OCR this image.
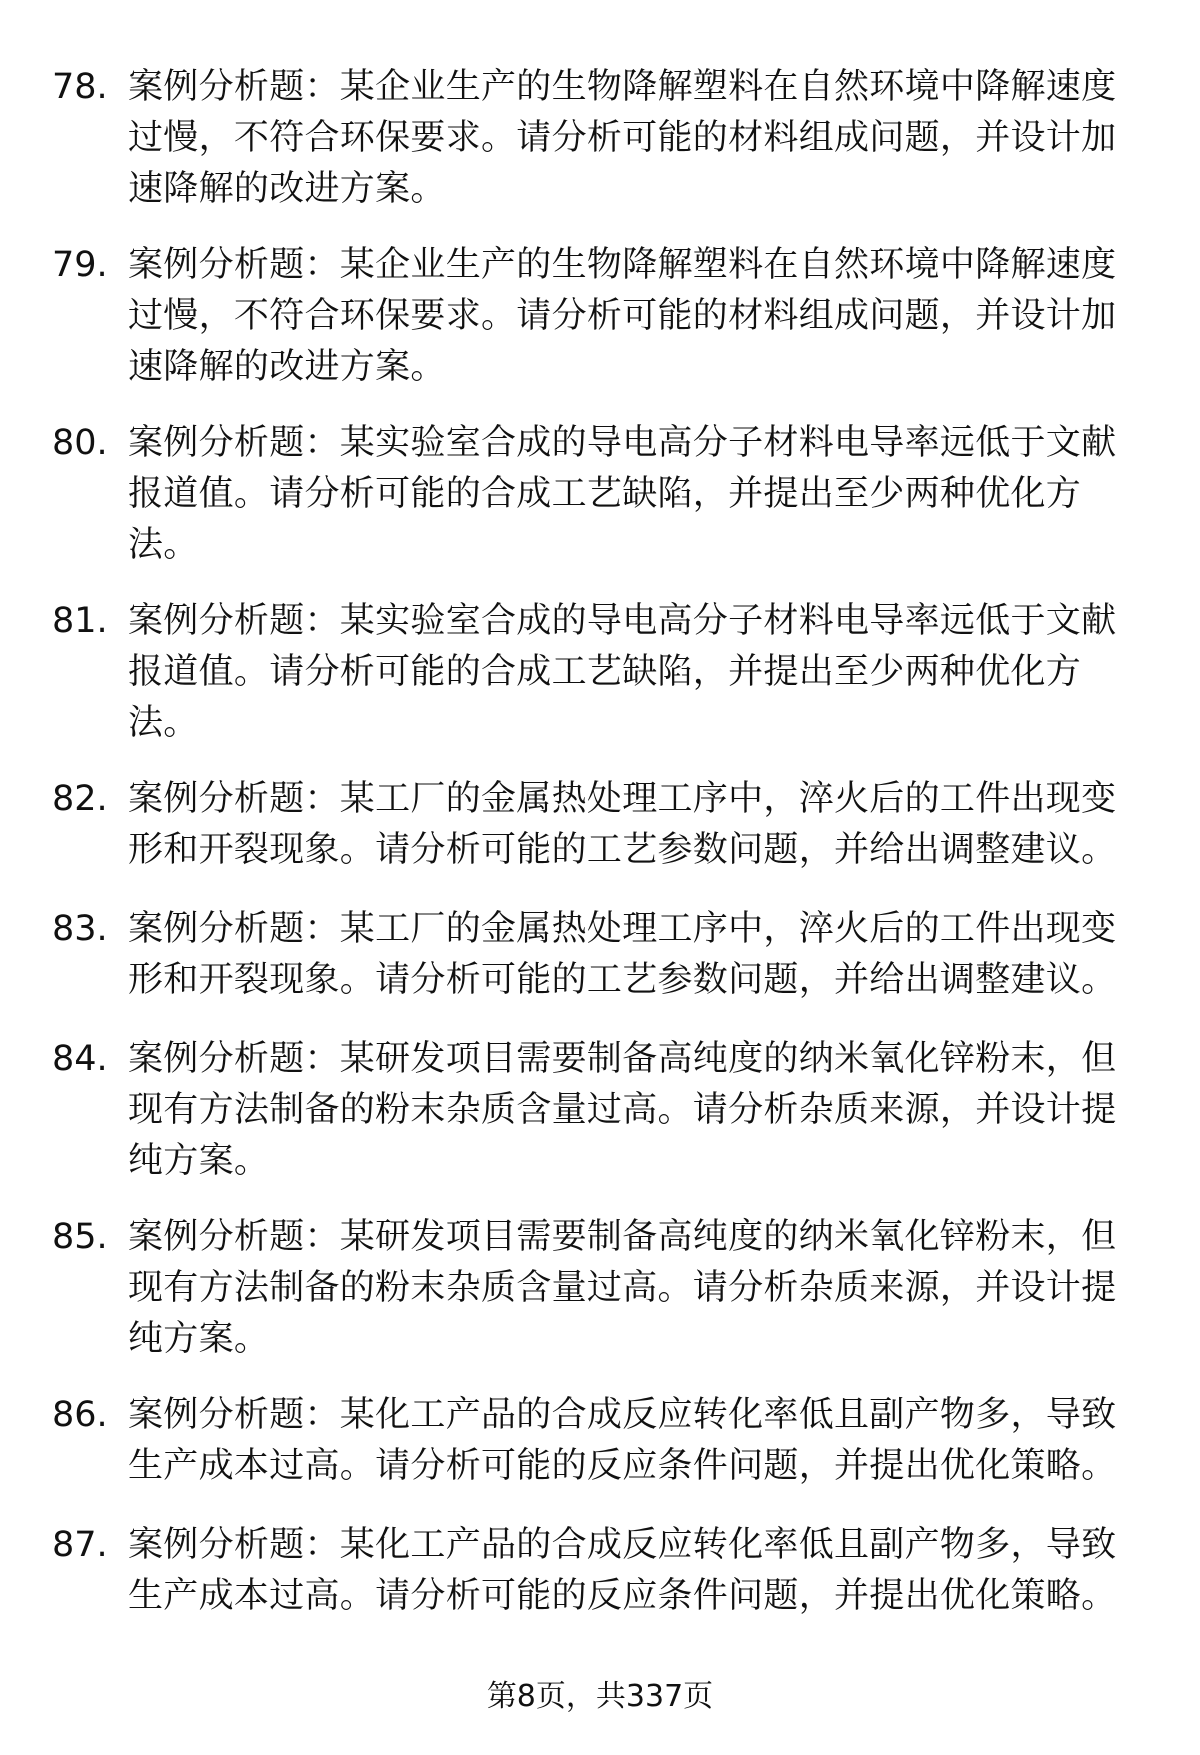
78. 案例分析题：某企业生产的生物降解塑料在自然环境中降解速度过慢，不符合环保要求。请分析可能的材料组成问题，并设计加速降解的改进方案。
79. 案例分析题：某企业生产的生物降解塑料在自然环境中降解速度过慢，不符合环保要求。请分析可能的材料组成问题，并设计加速降解的改进方案。
80. 案例分析题：某实验室合成的导电高分子材料电导率远低于文献报道值。请分析可能的合成工艺缺陷，并提出至少两种优化方法。
81. 案例分析题：某实验室合成的导电高分子材料电导率远低于文献报道值。请分析可能的合成工艺缺陷，并提出至少两种优化方法。
82. 案例分析题：某工厂的金属热处理工序中，淬火后的工件出现变形和开裂现象。请分析可能的工艺参数问题，并给出调整建议。
83. 案例分析题：某工厂的金属热处理工序中，淬火后的工件出现变形和开裂现象。请分析可能的工艺参数问题，并给出调整建议。
84. 案例分析题：某研发项目需要制备高纯度的纳米氧化锌粉末，但现有方法制备的粉末杂质含量过高。请分析杂质来源，并设计提纯方案。
85. 案例分析题：某研发项目需要制备高纯度的纳米氧化锌粉末，但现有方法制备的粉末杂质含量过高。请分析杂质来源，并设计提纯方案。
86. 案例分析题：某化工产品的合成反应转化率低且副产物多，导致生产成本过高。请分析可能的反应条件问题，并提出优化策略。
87. 案例分析题：某化工产品的合成反应转化率低且副产物多，导致生产成本过高。请分析可能的反应条件问题，并提出优化策略。
第8页，共337页
